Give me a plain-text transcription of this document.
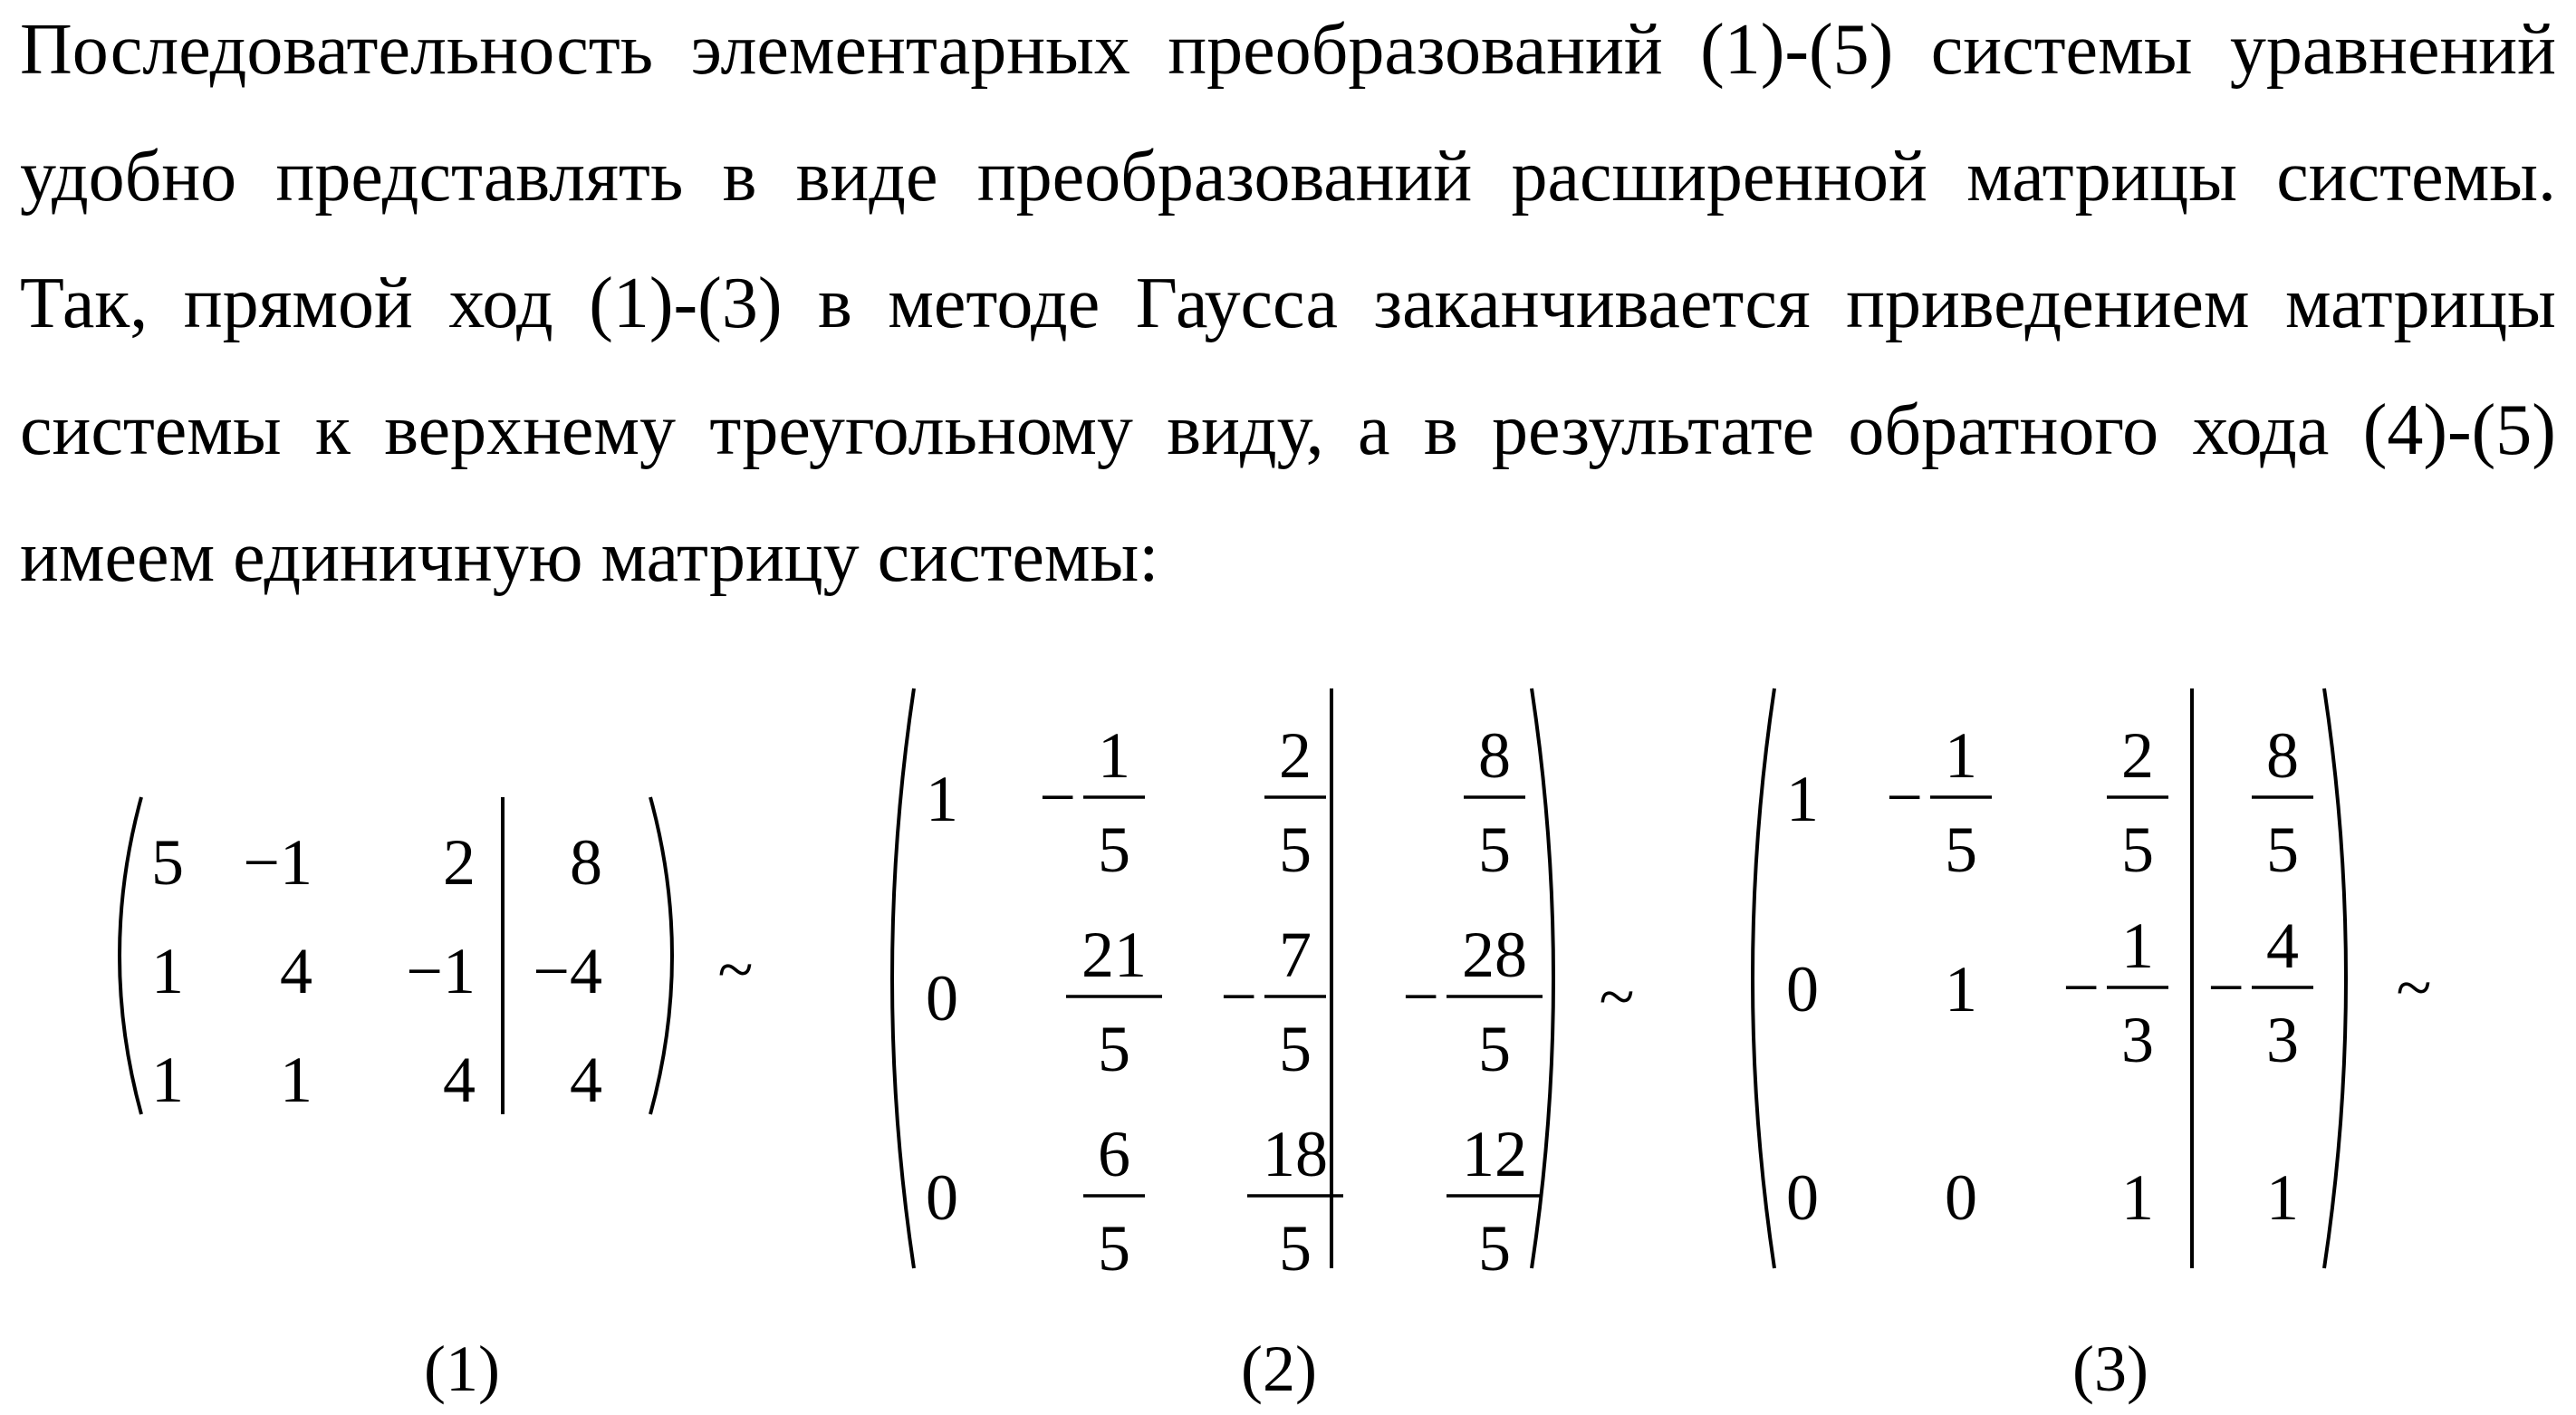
Последовательность элементарных преобразований (1)-(5) системы уравнений
удобно представлять в виде преобразований расширенной матрицы системы.
Так, прямой ход (1)-(3) в методе Гаусса заканчивается приведением матрицы
системы к верхнему треугольному виду, а в результате обратного хода (4)-(5)
имеем единичную матрицу системы:
5 −1 2 8
1 4 −1 −4
1 1 4 4
(1)
~
1
1
5
−
2
5
8
5
0
21
5
7
5
−
28
5
−
0
6
5
18
5
12
5
(2)
~
1
1
5
−
2
5
8
5
0 1
1
3
−
4
3
−
0 0 1 1
(3)
~
